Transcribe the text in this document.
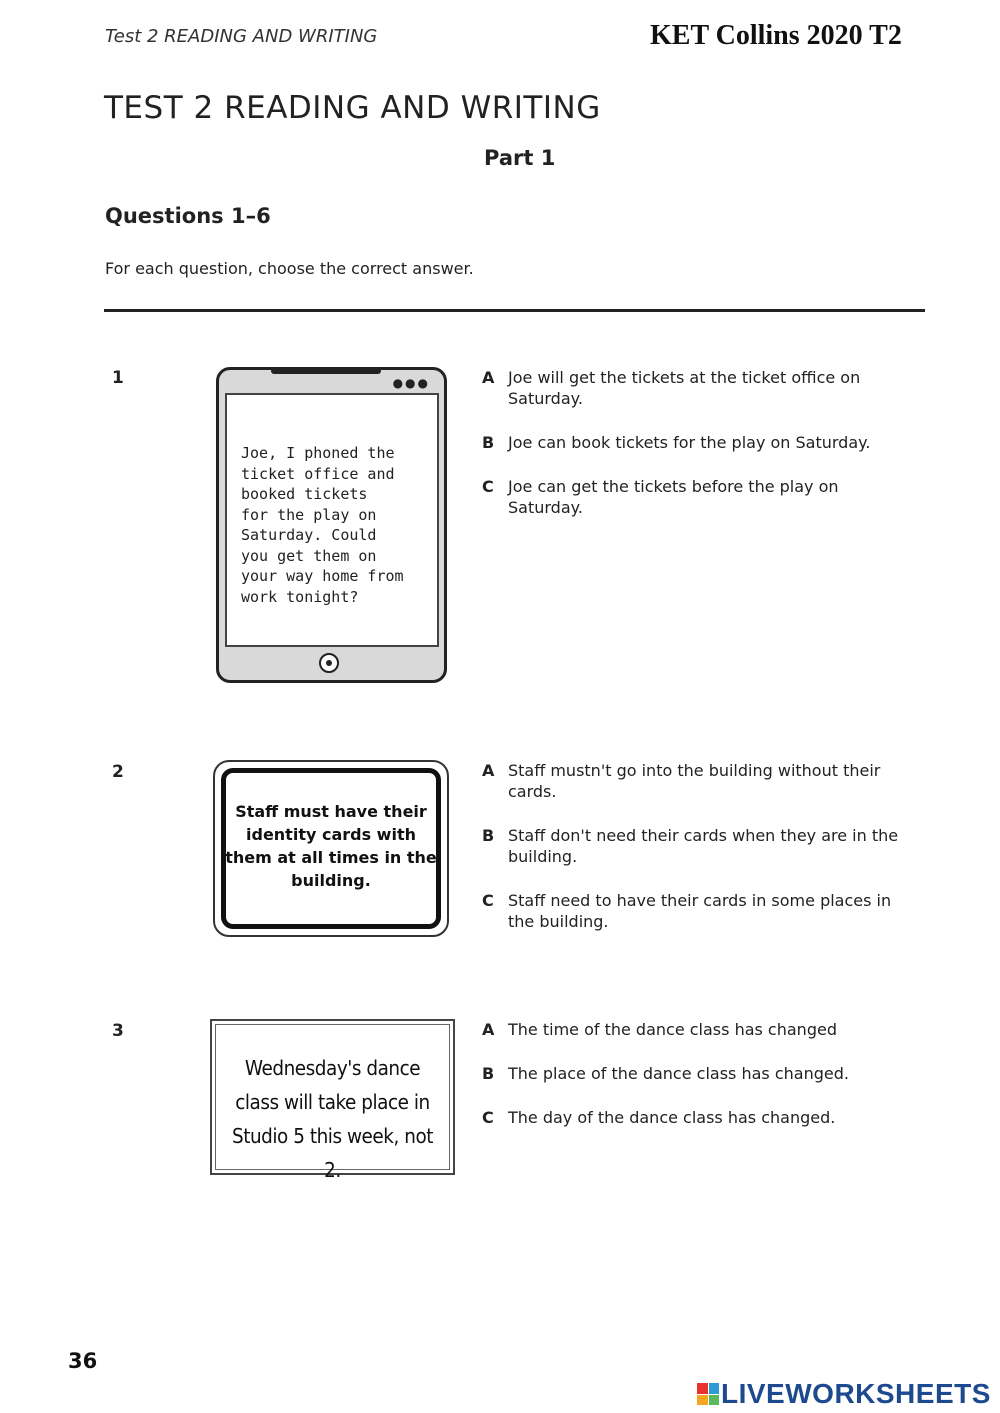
Test 2 READING AND WRITING	KET Collins 2020 T2
TEST 2 READING AND WRITING
Part 1
Questions 1–6
For each question, choose the correct answer.
1	●●●
Joe, I phoned the
ticket office and
booked tickets
for the play on
Saturday. Could
you get them on
your way home from
work tonight?
A Joe will get the tickets at the ticket office on Saturday.
B Joe can book tickets for the play on Saturday.
C Joe can get the tickets before the play on Saturday.
2
Staff must have their identity cards with them at all times in the building.
A Staff mustn't go into the building without their cards.
B Staff don't need their cards when they are in the building.
C Staff need to have their cards in some places in the building.
3
Wednesday's dance class will take place in Studio 5 this week, not 2.
A The time of the dance class has changed
B The place of the dance class has changed.
C The day of the dance class has changed.
36
LIVEWORKSHEETS
